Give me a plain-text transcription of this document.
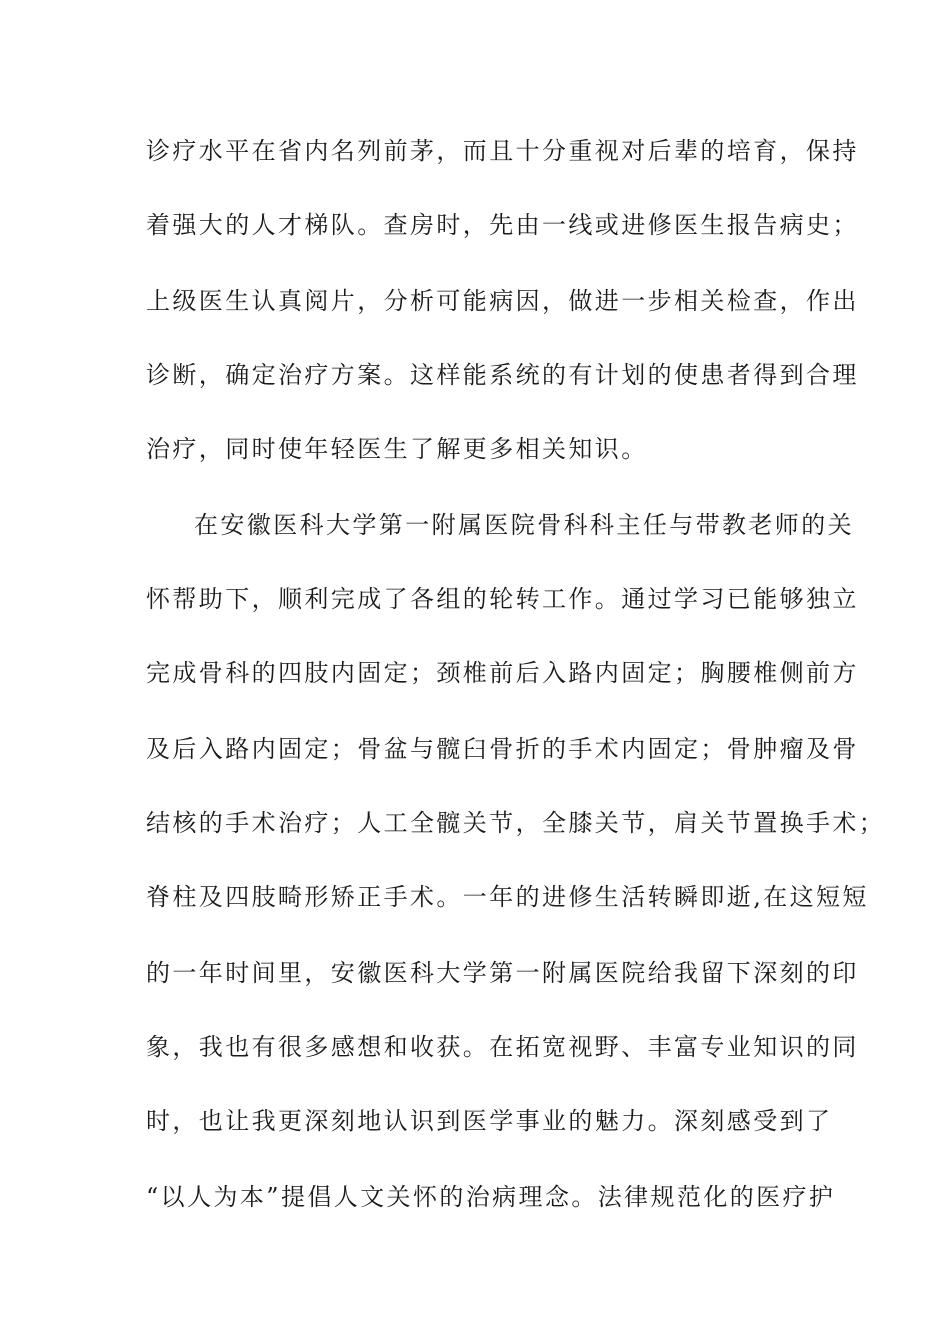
诊疗水平在省内名列前茅，而且十分重视对后辈的培育，保持
着强大的人才梯队。查房时，先由一线或进修医生报告病史；
上级医生认真阅片，分析可能病因，做进一步相关检查，作出
诊断，确定治疗方案。这样能系统的有计划的使患者得到合理
治疗，同时使年轻医生了解更多相关知识。
在安徽医科大学第一附属医院骨科科主任与带教老师的关
怀帮助下，顺利完成了各组的轮转工作。通过学习已能够独立
完成骨科的四肢内固定；颈椎前后入路内固定；胸腰椎侧前方
及后入路内固定；骨盆与髋臼骨折的手术内固定；骨肿瘤及骨
结核的手术治疗；人工全髋关节，全膝关节，肩关节置换手术；
脊柱及四肢畸形矫正手术。一年的进修生活转瞬即逝,在这短短
的一年时间里，安徽医科大学第一附属医院给我留下深刻的印
象，我也有很多感想和收获。在拓宽视野、丰富专业知识的同
时，也让我更深刻地认识到医学事业的魅力。深刻感受到了
“以人为本”提倡人文关怀的治病理念。法律规范化的医疗护
